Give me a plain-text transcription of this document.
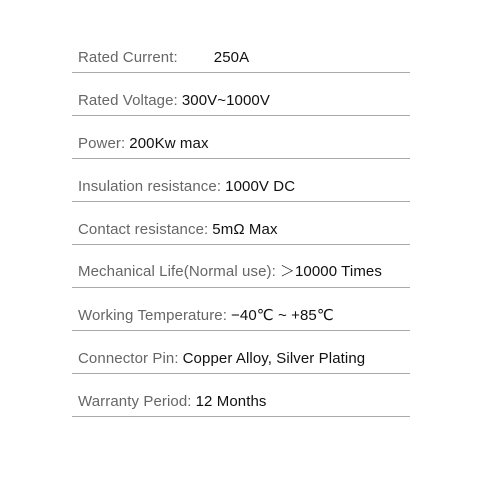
Rated Current: 250A
Rated Voltage: 300V~1000V
Power: 200Kw max
Insulation resistance: 1000V DC
Contact resistance: 5mΩ Max
Mechanical Life(Normal use): ＞10000 Times
Working Temperature: −40℃ ~ +85℃
Connector Pin: Copper Alloy, Silver Plating
Warranty Period: 12 Months
